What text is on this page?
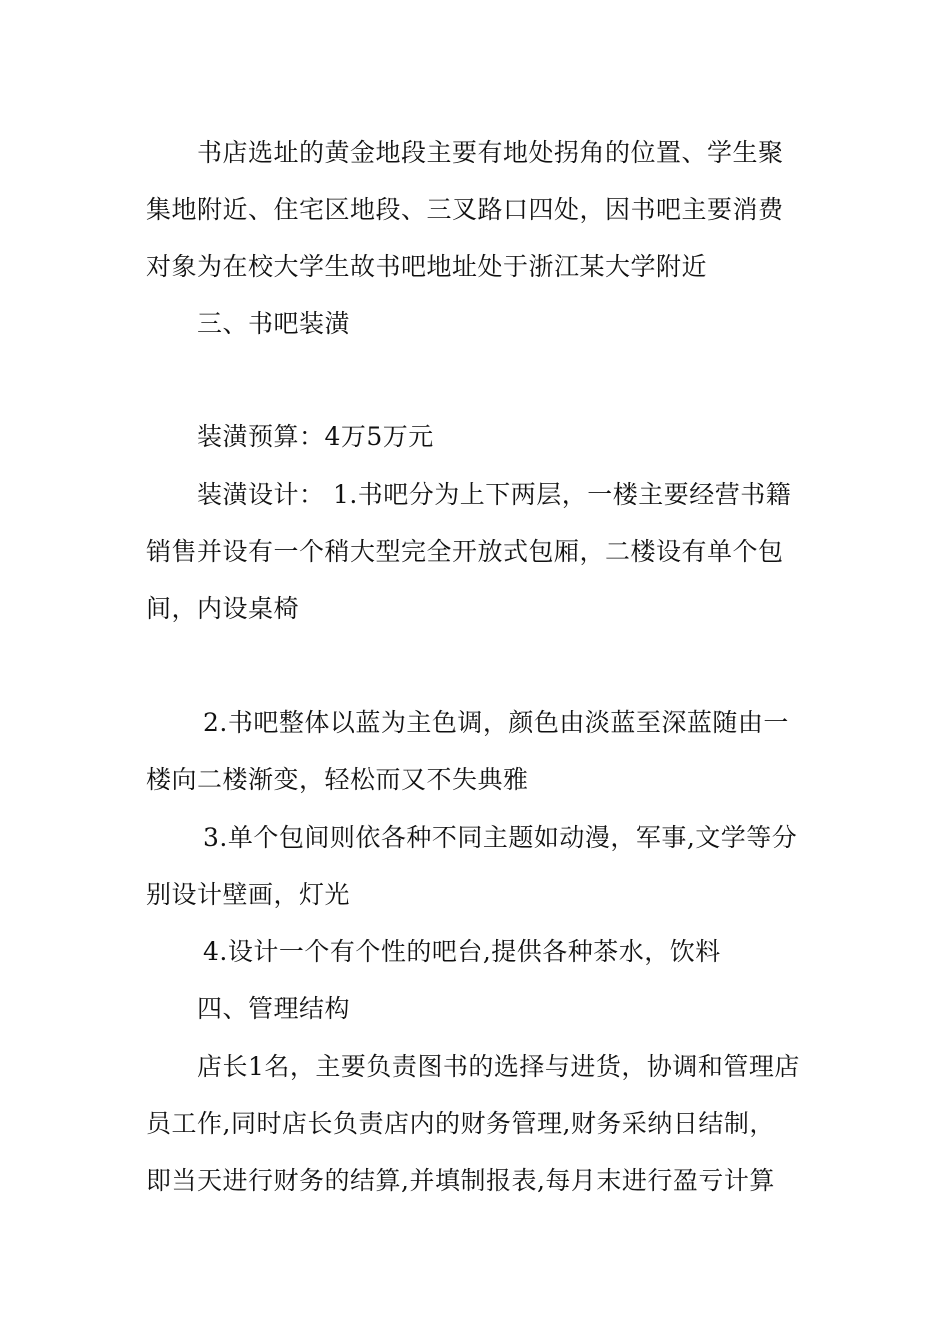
书店选址的黄金地段主要有地处拐角的位置、学生聚
集地附近、住宅区地段、三叉路口四处，因书吧主要消费
对象为在校大学生故书吧地址处于浙江某大学附近
三、书吧装潢
装潢预算：4万5万元
装潢设计： 1.书吧分为上下两层，一楼主要经营书籍
销售并设有一个稍大型完全开放式包厢，二楼设有单个包
间，内设桌椅
2.书吧整体以蓝为主色调，颜色由淡蓝至深蓝随由一
楼向二楼渐变，轻松而又不失典雅
3.单个包间则依各种不同主题如动漫，军事,文学等分
别设计壁画，灯光
4.设计一个有个性的吧台,提供各种茶水，饮料
四、管理结构
店长1名，主要负责图书的选择与进货，协调和管理店
员工作,同时店长负责店内的财务管理,财务采纳日结制，
即当天进行财务的结算,并填制报表,每月末进行盈亏计算
